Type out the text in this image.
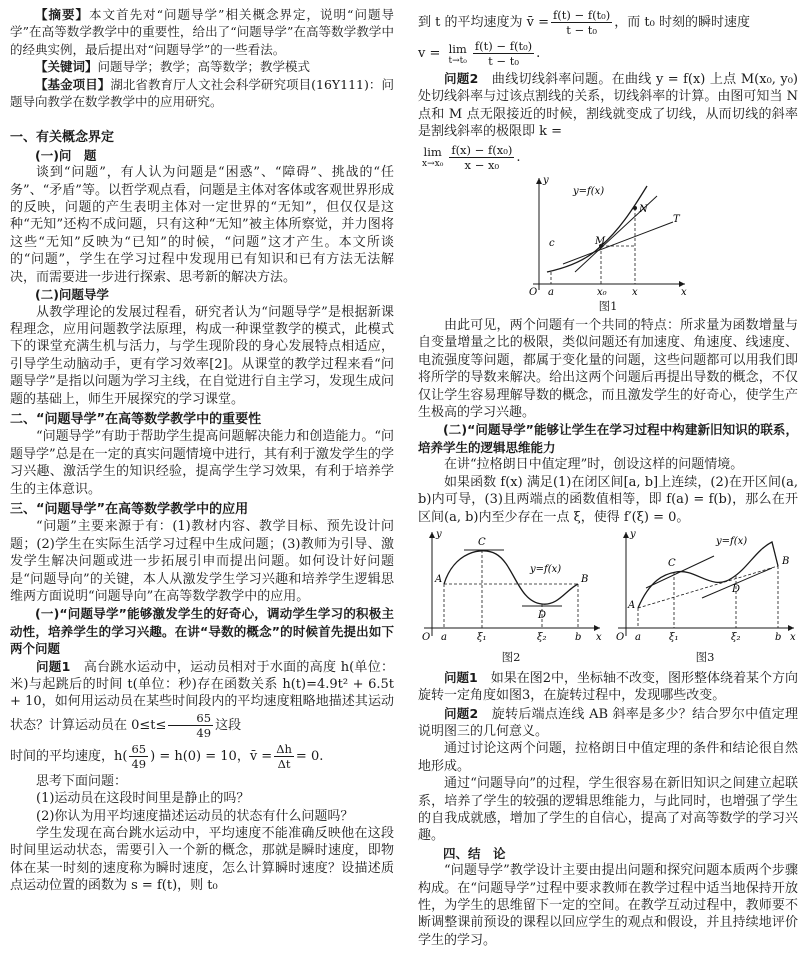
【摘要】本文首先对“问题导学”相关概念界定，说明“问题导学”在高等数学教学中的重要性，给出了“问题导学”在高等数学教学中的经典实例，最后提出对“问题导学”的一些看法。

【关键词】问题导学；教学；高等数学；教学模式

【基金项目】湖北省教育厅人文社会科学研究项目(16Y111)：问题导向教学在数学教学中的应用研究。

一、有关概念界定

(一)问　题

谈到“问题”，有人认为问题是“困惑”、“障碍”、挑战的“任务”、“矛盾”等。以哲学观点看，问题是主体对客体或客观世界形成的反映，问题的产生表明主体对一定世界的“无知”，但仅仅是这种“无知”还构不成问题，只有这种“无知”被主体所察觉，并力图将这些“无知”反映为“已知”的时候，“问题”这才产生。本文所谈的“问题”，学生在学习过程中发现用已有知识和已有方法无法解决，而需要进一步进行探索、思考新的解决方法。

(二)问题导学

从教学理论的发展过程看，研究者认为“问题导学”是根据新课程理念，应用问题教学法原理，构成一种课堂教学的模式，此模式下的课堂充满生机与活力，与学生现阶段的身心发展特点相适应，引导学生动脑动手，更有学习效率[2]。从课堂的教学过程来看“问题导学”是指以问题为学习主线，在自觉进行自主学习，发现生成问题的基础上，师生开展探究的学习课堂。

二、“问题导学”在高等数学教学中的重要性

“问题导学”有助于帮助学生提高问题解决能力和创造能力。“问题导学”总是在一定的真实问题情境中进行，其有利于激发学生的学习兴趣、激活学生的知识经验，提高学生学习效果，有利于培养学生的主体意识。

三、“问题导学”在高等数学教学中的应用

“问题”主要来源于有：(1)教材内容、教学目标、预先设计问题；(2)学生在实际生活学习过程中生成问题；(3)教师为引导、激发学生解决问题或进一步拓展引申而提出问题。如何设计好问题是“问题导向”的关键，本人从激发学生学习兴趣和培养学生逻辑思维两方面说明“问题导向”在高等数学教学中的应用。

(一)“问题导学”能够激发学生的好奇心，调动学生学习的积极主动性，培养学生的学习兴趣。在讲“导数的概念”的时候首先提出如下两个问题

问题1　 高台跳水运动中，运动员相对于水面的高度 h(单位：米)与起跳后的时间 t(单位：秒)存在函数关系 h(t)=4.9t² + 6.5t + 10，如何用运动员在某些时间段内的平均速度粗略地描述其运动状态？计算运动员在 $0\le t\le \frac{65}{49}$ 这段

时间的平均速度，$h( \frac{65}{49}$ ) = h(0) = 10，v̄ = $\frac{\Delta h}{\Delta t} = 0$.

思考下面问题：

(1)运动员在这段时间里是静止的吗？

(2)你认为用平均速度描述运动员的状态有什么问题吗？

学生发现在高台跳水运动中，平均速度不能准确反映他在这段时间里运动状态，需要引入一个新的概念，那就是瞬时速度，即物体在某一时刻的速度称为瞬时速度，怎么计算瞬时速度？设描述质点运动位置的函数为 s = f(t)，则 t₀

到 t 的平均速度为 v̄ = $\frac{\text{f(t) − f(t₀)}}{\text{t − t₀}}$ ，而 t₀ 时刻的瞬时速度

v = lim
$t\to t_0 \frac{\text{f(t) − f(t₀)}}{\text{t − t₀}}$ .

问题2　 曲线切线斜率问题。在曲线 y = f(x) 上点 M(x₀, y₀) 处切线斜率与过该点割线的关系，切线斜率的计算。由图可知当 N 点和 M 点无限接近的时候，割线就变成了切线，从而切线的斜率是割线斜率的极限即 k =

lim
$x\to x_0 \frac{\text{f(x) − f(x₀)}}{\text{x − x₀}}$ .

y
y=f(x)
N
M
T
c
O a	x₀	x	x

图1

由此可见，两个问题有一个共同的特点：所求量为函数增量与自变量增量之比的极限，类似问题还有加速度、角速度、线速度、电流强度等问题，都属于变化量的问题，这些问题都可以用我们即将所学的导数来解决。给出这两个问题后再提出导数的概念，不仅仅让学生容易理解导数的概念，而且激发学生的好奇心，使学生产生极高的学习兴趣。

(二)“问题导学”能够让学生在学习过程中构建新旧知识的联系，培养学生的逻辑思维能力

在讲“拉格朗日中值定理”时，创设这样的问题情境。

如果函数 f(x) 满足(1)在闭区间[a, b]上连续，(2)在开区间(a, b)内可导，(3)且两端点的函数值相等，即 f(a) = f(b)，那么在开区间(a, b)内至少存在一点 ξ，使得 f′(ξ) = 0。

y
C
A	B
D
y=f(x)
O a	ξ₁	ξ₂	b x

图2

y
C
A
B
D
y=f(x)
O a	ξ₁	ξ₂	b x

图3

问题1　 如果在图2中，坐标轴不改变，图形整体绕着某个方向旋转一定角度如图3，在旋转过程中，发现哪些改变。

问题2　 旋转后端点连线 AB 斜率是多少？结合罗尔中值定理说明图三的几何意义。

通过讨论这两个问题，拉格朗日中值定理的条件和结论很自然地形成。

通过“问题导向”的过程，学生很容易在新旧知识之间建立起联系，培养了学生的较强的逻辑思维能力，与此同时，也增强了学生的自我成就感，增加了学生的自信心，提高了对高等数学的学习兴趣。

四、结　论

“问题导学”教学设计主要由提出问题和探究问题本质两个步骤构成。在“问题导学”过程中要求教师在教学过程中适当地保持开放性，为学生的思维留下一定的空间。在教学互动过程中，教师要不断调整课前预设的课程以回应学生的观点和假设，并且持续地评价学生的学习。
